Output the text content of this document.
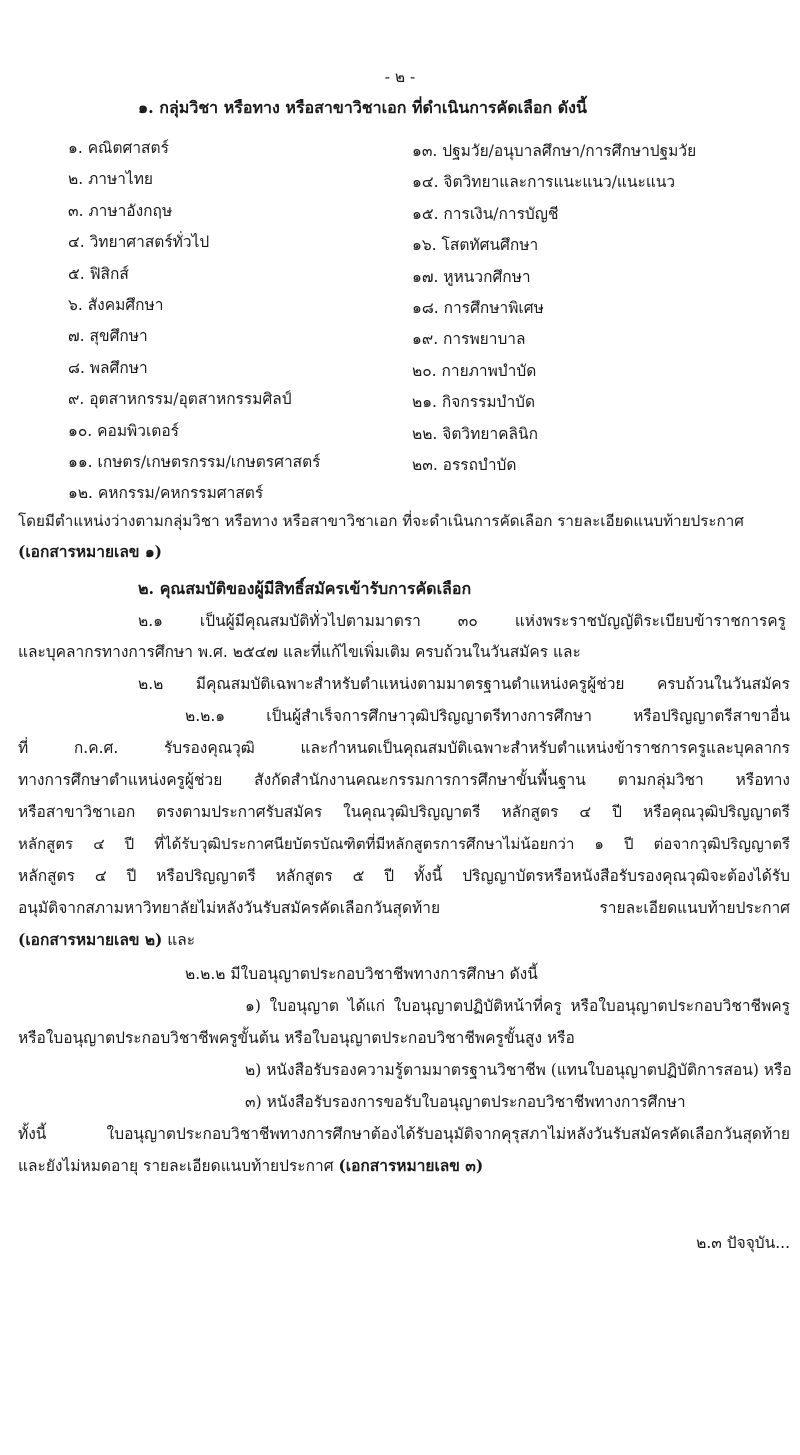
- ๒ -
๑. กลุ่มวิชา หรือทาง หรือสาขาวิชาเอก ที่ดำเนินการคัดเลือก ดังนี้
๑. คณิตศาสตร์
๒. ภาษาไทย
๓. ภาษาอังกฤษ
๔. วิทยาศาสตร์ทั่วไป
๕. ฟิสิกส์
๖. สังคมศึกษา
๗. สุขศึกษา
๘. พลศึกษา
๙. อุตสาหกรรม/อุตสาหกรรมศิลป์
๑๐. คอมพิวเตอร์
๑๑. เกษตร/เกษตรกรรม/เกษตรศาสตร์
๑๒. คหกรรม/คหกรรมศาสตร์
๑๓. ปฐมวัย/อนุบาลศึกษา/การศึกษาปฐมวัย
๑๔. จิตวิทยาและการแนะแนว/แนะแนว
๑๕. การเงิน/การบัญชี
๑๖. โสตทัศนศึกษา
๑๗. หูหนวกศึกษา
๑๘. การศึกษาพิเศษ
๑๙. การพยาบาล
๒๐. กายภาพบำบัด
๒๑. กิจกรรมบำบัด
๒๒. จิตวิทยาคลินิก
๒๓. อรรถบำบัด
โดยมีตำแหน่งว่างตามกลุ่มวิชา หรือทาง หรือสาขาวิชาเอก ที่จะดำเนินการคัดเลือก รายละเอียดแนบท้ายประกาศ
(เอกสารหมายเลข ๑)
๒. คุณสมบัติของผู้มีสิทธิ์สมัครเข้ารับการคัดเลือก
๒.๑ เป็นผู้มีคุณสมบัติทั่วไปตามมาตรา ๓๐ แห่งพระราชบัญญัติระเบียบข้าราชการครู
และบุคลากรทางการศึกษา พ.ศ. ๒๕๔๗ และที่แก้ไขเพิ่มเติม ครบถ้วนในวันสมัคร และ
๒.๒ มีคุณสมบัติเฉพาะสำหรับตำแหน่งตามมาตรฐานตำแหน่งครูผู้ช่วย ครบถ้วนในวันสมัคร
๒.๒.๑ เป็นผู้สำเร็จการศึกษาวุฒิปริญญาตรีทางการศึกษา หรือปริญญาตรีสาขาอื่น
ที่ ก.ค.ศ. รับรองคุณวุฒิ และกำหนดเป็นคุณสมบัติเฉพาะสำหรับตำแหน่งข้าราชการครูและบุคลากร
ทางการศึกษาตำแหน่งครูผู้ช่วย สังกัดสำนักงานคณะกรรมการการศึกษาขั้นพื้นฐาน ตามกลุ่มวิชา หรือทาง
หรือสาขาวิชาเอก ตรงตามประกาศรับสมัคร ในคุณวุฒิปริญญาตรี หลักสูตร ๔ ปี หรือคุณวุฒิปริญญาตรี
หลักสูตร ๔ ปี ที่ได้รับวุฒิประกาศนียบัตรบัณฑิตที่มีหลักสูตรการศึกษาไม่น้อยกว่า ๑ ปี ต่อจากวุฒิปริญญาตรี
หลักสูตร ๔ ปี หรือปริญญาตรี หลักสูตร ๕ ปี ทั้งนี้ ปริญญาบัตรหรือหนังสือรับรองคุณวุฒิจะต้องได้รับ
อนุมัติจากสภามหาวิทยาลัยไม่หลังวันรับสมัครคัดเลือกวันสุดท้าย รายละเอียดแนบท้ายประกาศ
(เอกสารหมายเลข ๒) และ
๒.๒.๒ มีใบอนุญาตประกอบวิชาชีพทางการศึกษา ดังนี้
๑) ใบอนุญาต ได้แก่ ใบอนุญาตปฏิบัติหน้าที่ครู หรือใบอนุญาตประกอบวิชาชีพครู
หรือใบอนุญาตประกอบวิชาชีพครูขั้นต้น หรือใบอนุญาตประกอบวิชาชีพครูขั้นสูง หรือ
๒) หนังสือรับรองความรู้ตามมาตรฐานวิชาชีพ (แทนใบอนุญาตปฏิบัติการสอน) หรือ
๓) หนังสือรับรองการขอรับใบอนุญาตประกอบวิชาชีพทางการศึกษา
ทั้งนี้ ใบอนุญาตประกอบวิชาชีพทางการศึกษาต้องได้รับอนุมัติจากคุรุสภาไม่หลังวันรับสมัครคัดเลือกวันสุดท้าย
และยังไม่หมดอายุ รายละเอียดแนบท้ายประกาศ (เอกสารหมายเลข ๓)
๒.๓ ปัจจุบัน...
